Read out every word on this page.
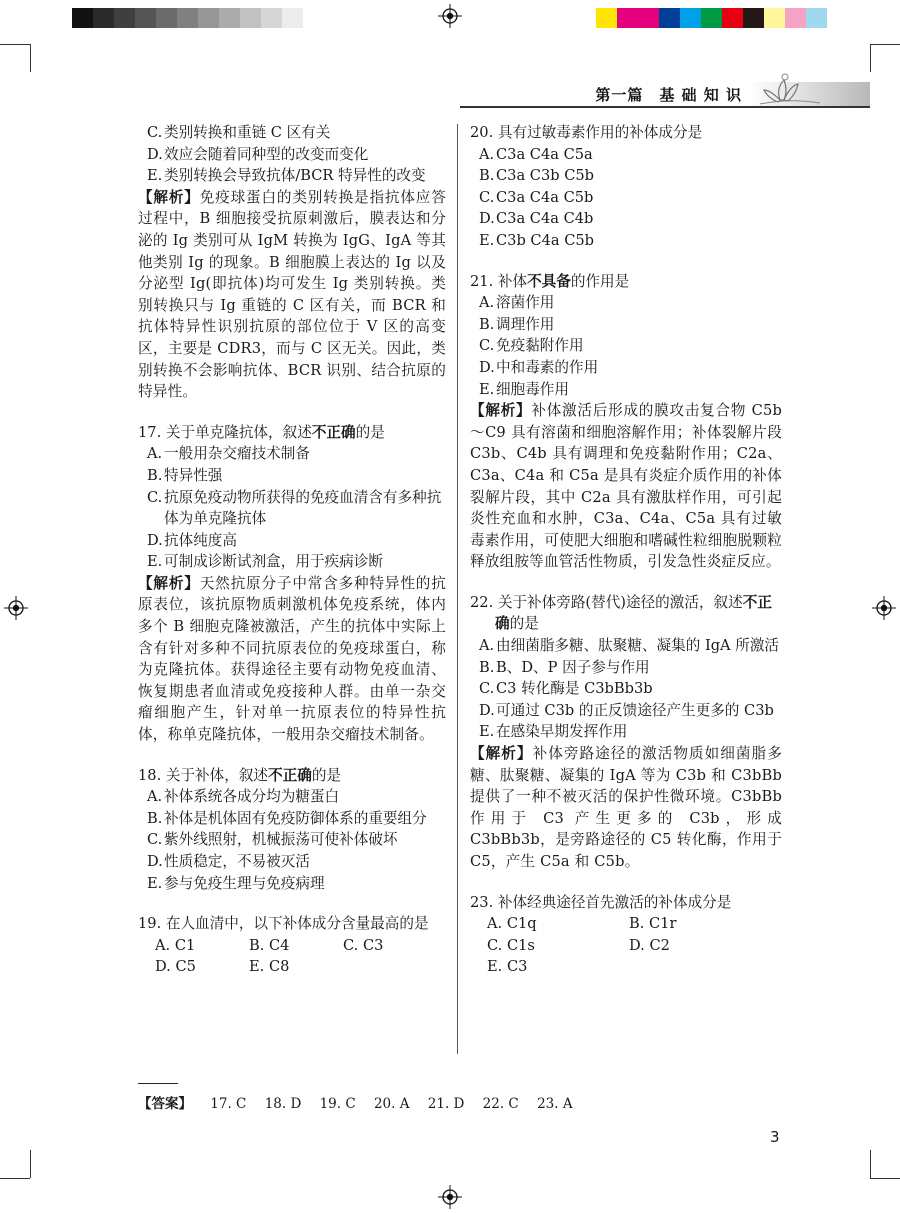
第一篇　基 础 知 识
C. 类别转换和重链 C 区有关
D.效应会随着同种型的改变而变化
E. 类别转换会导致抗体/BCR 特异性的改变
【解析】免疫球蛋白的类别转换是指抗体应答过程中，B 细胞接受抗原刺激后，膜表达和分泌的 Ig 类别可从 IgM 转换为 IgG、IgA 等其他类别 Ig 的现象。B 细胞膜上表达的 Ig 以及分泌型 Ig(即抗体)均可发生 Ig 类别转换。类别转换只与 Ig 重链的 C 区有关，而 BCR 和抗体特异性识别抗原的部位位于 V 区的高变区，主要是 CDR3，而与 C 区无关。因此，类别转换不会影响抗体、BCR 识别、结合抗原的特异性。
17. 关于单克隆抗体，叙述不正确的是
A. 一般用杂交瘤技术制备
B. 特异性强
C. 抗原免疫动物所获得的免疫血清含有多种抗体为单克隆抗体
D.抗体纯度高
E. 可制成诊断试剂盒，用于疾病诊断
【解析】天然抗原分子中常含多种特异性的抗原表位，该抗原物质刺激机体免疫系统，体内多个 B 细胞克隆被激活，产生的抗体中实际上含有针对多种不同抗原表位的免疫球蛋白，称为克隆抗体。获得途径主要有动物免疫血清、恢复期患者血清或免疫接种人群。由单一杂交瘤细胞产生，针对单一抗原表位的特异性抗体，称单克隆抗体，一般用杂交瘤技术制备。
18. 关于补体，叙述不正确的是
A. 补体系统各成分均为糖蛋白
B. 补体是机体固有免疫防御体系的重要组分
C. 紫外线照射，机械振荡可使补体破坏
D.性质稳定，不易被灭活
E. 参与免疫生理与免疫病理
19. 在人血清中，以下补体成分含量最高的是
A. C1	B. C4	C. C3
D. C5	E. C8
20. 具有过敏毒素作用的补体成分是
A. C3a C4a C5a
B. C3a C3b C5b
C. C3a C4a C5b
D.C3a C4a C4b
E. C3b C4a C5b
21. 补体不具备的作用是
A. 溶菌作用
B. 调理作用
C. 免疫黏附作用
D.中和毒素的作用
E. 细胞毒作用
【解析】补体激活后形成的膜攻击复合物 C5b～C9 具有溶菌和细胞溶解作用；补体裂解片段 C3b、C4b 具有调理和免疫黏附作用；C2a、C3a、C4a 和 C5a 是具有炎症介质作用的补体裂解片段，其中 C2a 具有激肽样作用，可引起炎性充血和水肿，C3a、C4a、C5a 具有过敏毒素作用，可使肥大细胞和嗜碱性粒细胞脱颗粒释放组胺等血管活性物质，引发急性炎症反应。
22. 关于补体旁路(替代)途径的激活，叙述不正确的是
A. 由细菌脂多糖、肽聚糖、凝集的 IgA 所激活
B. B、D、P 因子参与作用
C. C3 转化酶是 C3bBb3b
D.可通过 C3b 的正反馈途径产生更多的 C3b
E. 在感染早期发挥作用
【解析】补体旁路途径的激活物质如细菌脂多糖、肽聚糖、凝集的 IgA 等为 C3b 和 C3bBb 提供了一种不被灭活的保护性微环境。C3bBb 作用于 C3 产生更多的 C3b，形成 C3bBb3b，是旁路途径的 C5 转化酶，作用于 C5，产生 C5a 和 C5b。
23. 补体经典途径首先激活的补体成分是
A. C1q	B. C1r
C. C1s	D. C2
E. C3
【答案】 17. C 18. D 19. C 20. A 21. D 22. C 23. A
3
